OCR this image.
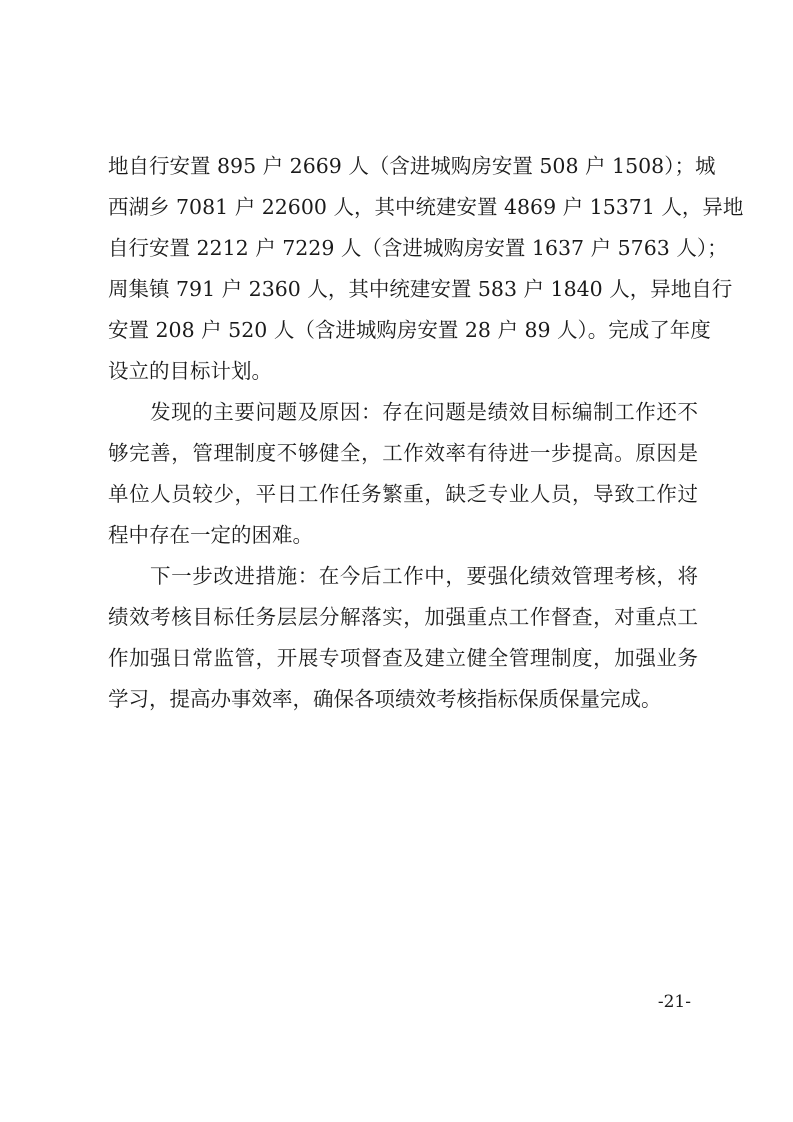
地自行安置 895 户 2669 人（含进城购房安置 508 户 1508）；城
西湖乡 7081 户 22600 人，其中统建安置 4869 户 15371 人，异地
自行安置 2212 户 7229 人（含进城购房安置 1637 户 5763 人）；
周集镇 791 户 2360 人，其中统建安置 583 户 1840 人，异地自行
安置 208 户 520 人（含进城购房安置 28 户 89 人）。完成了年度
设立的目标计划。
发现的主要问题及原因：存在问题是绩效目标编制工作还不
够完善，管理制度不够健全，工作效率有待进一步提高。原因是
单位人员较少，平日工作任务繁重，缺乏专业人员，导致工作过
程中存在一定的困难。
下一步改进措施：在今后工作中，要强化绩效管理考核，将
绩效考核目标任务层层分解落实，加强重点工作督查，对重点工
作加强日常监管，开展专项督查及建立健全管理制度，加强业务
学习，提高办事效率，确保各项绩效考核指标保质保量完成。
-21-
